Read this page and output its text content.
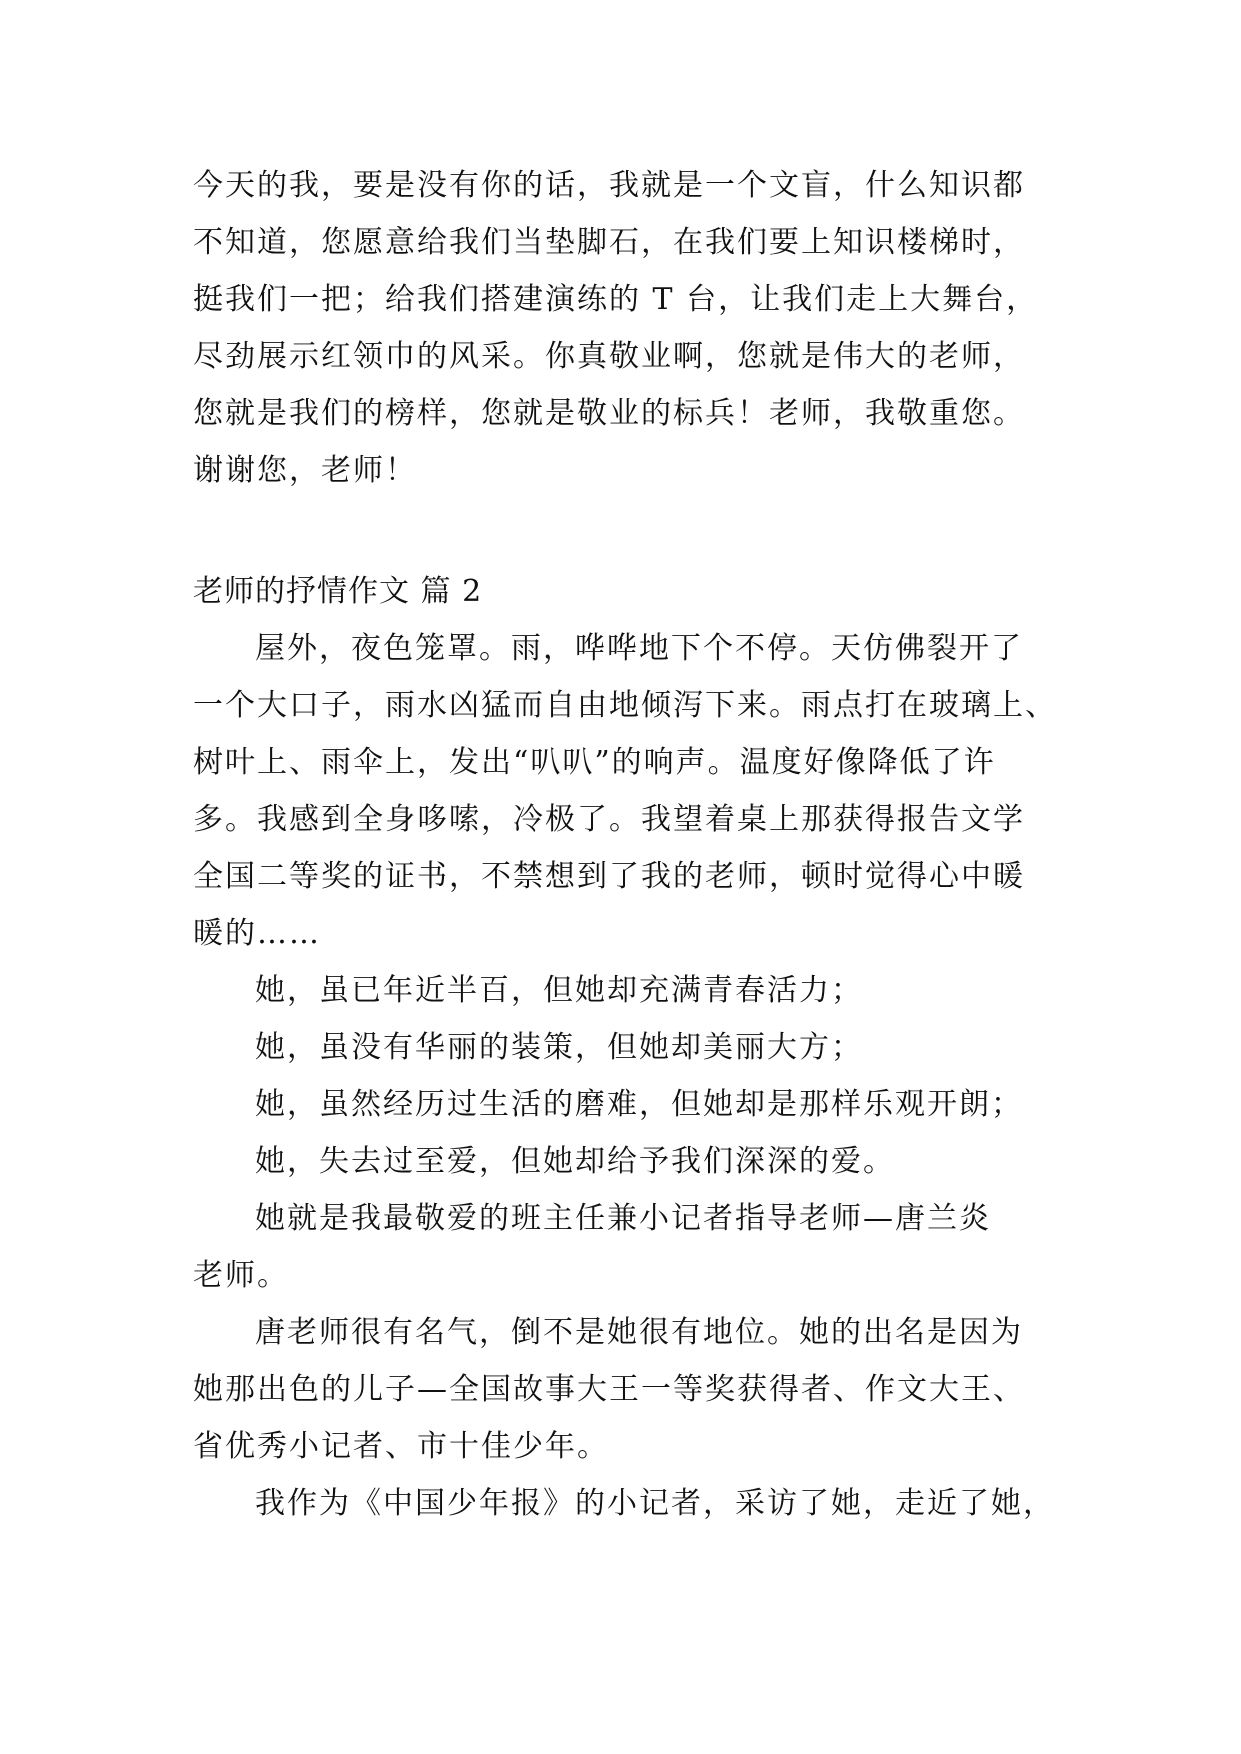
今天的我，要是没有你的话，我就是一个文盲，什么知识都
不知道，您愿意给我们当垫脚石，在我们要上知识楼梯时，
挺我们一把；给我们搭建演练的 T 台，让我们走上大舞台，
尽劲展示红领巾的风采。你真敬业啊，您就是伟大的老师，
您就是我们的榜样，您就是敬业的标兵！老师，我敬重您。
谢谢您，老师！
老师的抒情作文 篇 2
屋外，夜色笼罩。雨，哗哗地下个不停。天仿佛裂开了
一个大口子，雨水凶猛而自由地倾泻下来。雨点打在玻璃上、
树叶上、雨伞上，发出“叭叭”的响声。温度好像降低了许
多。我感到全身哆嗦，冷极了。我望着桌上那获得报告文学
全国二等奖的证书，不禁想到了我的老师，顿时觉得心中暖
暖的……
她，虽已年近半百，但她却充满青春活力；
她，虽没有华丽的装策，但她却美丽大方；
她，虽然经历过生活的磨难，但她却是那样乐观开朗；
她，失去过至爱，但她却给予我们深深的爱。
她就是我最敬爱的班主任兼小记者指导老师—唐兰炎
老师。
唐老师很有名气，倒不是她很有地位。她的出名是因为
她那出色的儿子—全国故事大王一等奖获得者、作文大王、
省优秀小记者、市十佳少年。
我作为《中国少年报》的小记者，采访了她，走近了她，
